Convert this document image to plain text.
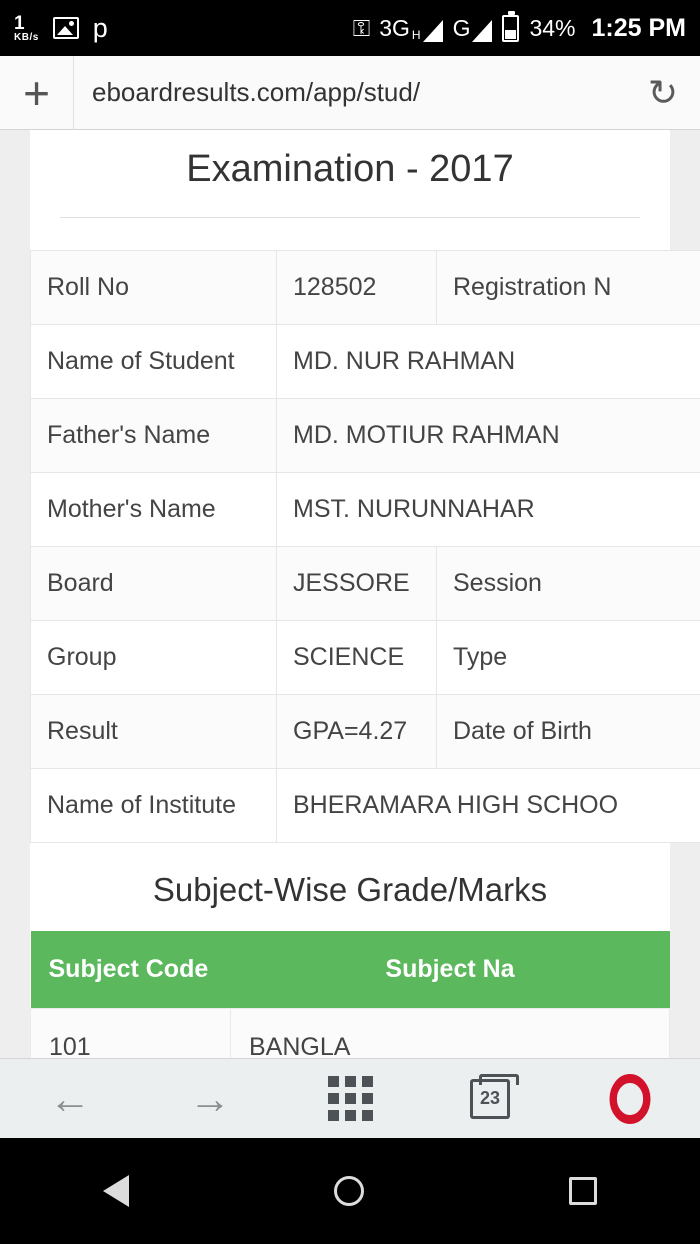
1
KB/s p	⚿ 3G H G	34% 1:25 PM
+	eboardresults.com/app/stud/	↻
Examination - 2017
Roll No	128502	Registration N
Name of Student	MD. NUR RAHMAN	
Father's Name	MD. MOTIUR RAHMAN	
Mother's Name	MST. NURUNNAHAR	
Board	JESSORE	Session
Group	SCIENCE	Type
Result	GPA=4.27	Date of Birth
Name of Institute	BHERAMARA HIGH SCHOO	
Subject-Wise Grade/Marks
Subject Code	Subject Na
101	BANGLA
← →	23
